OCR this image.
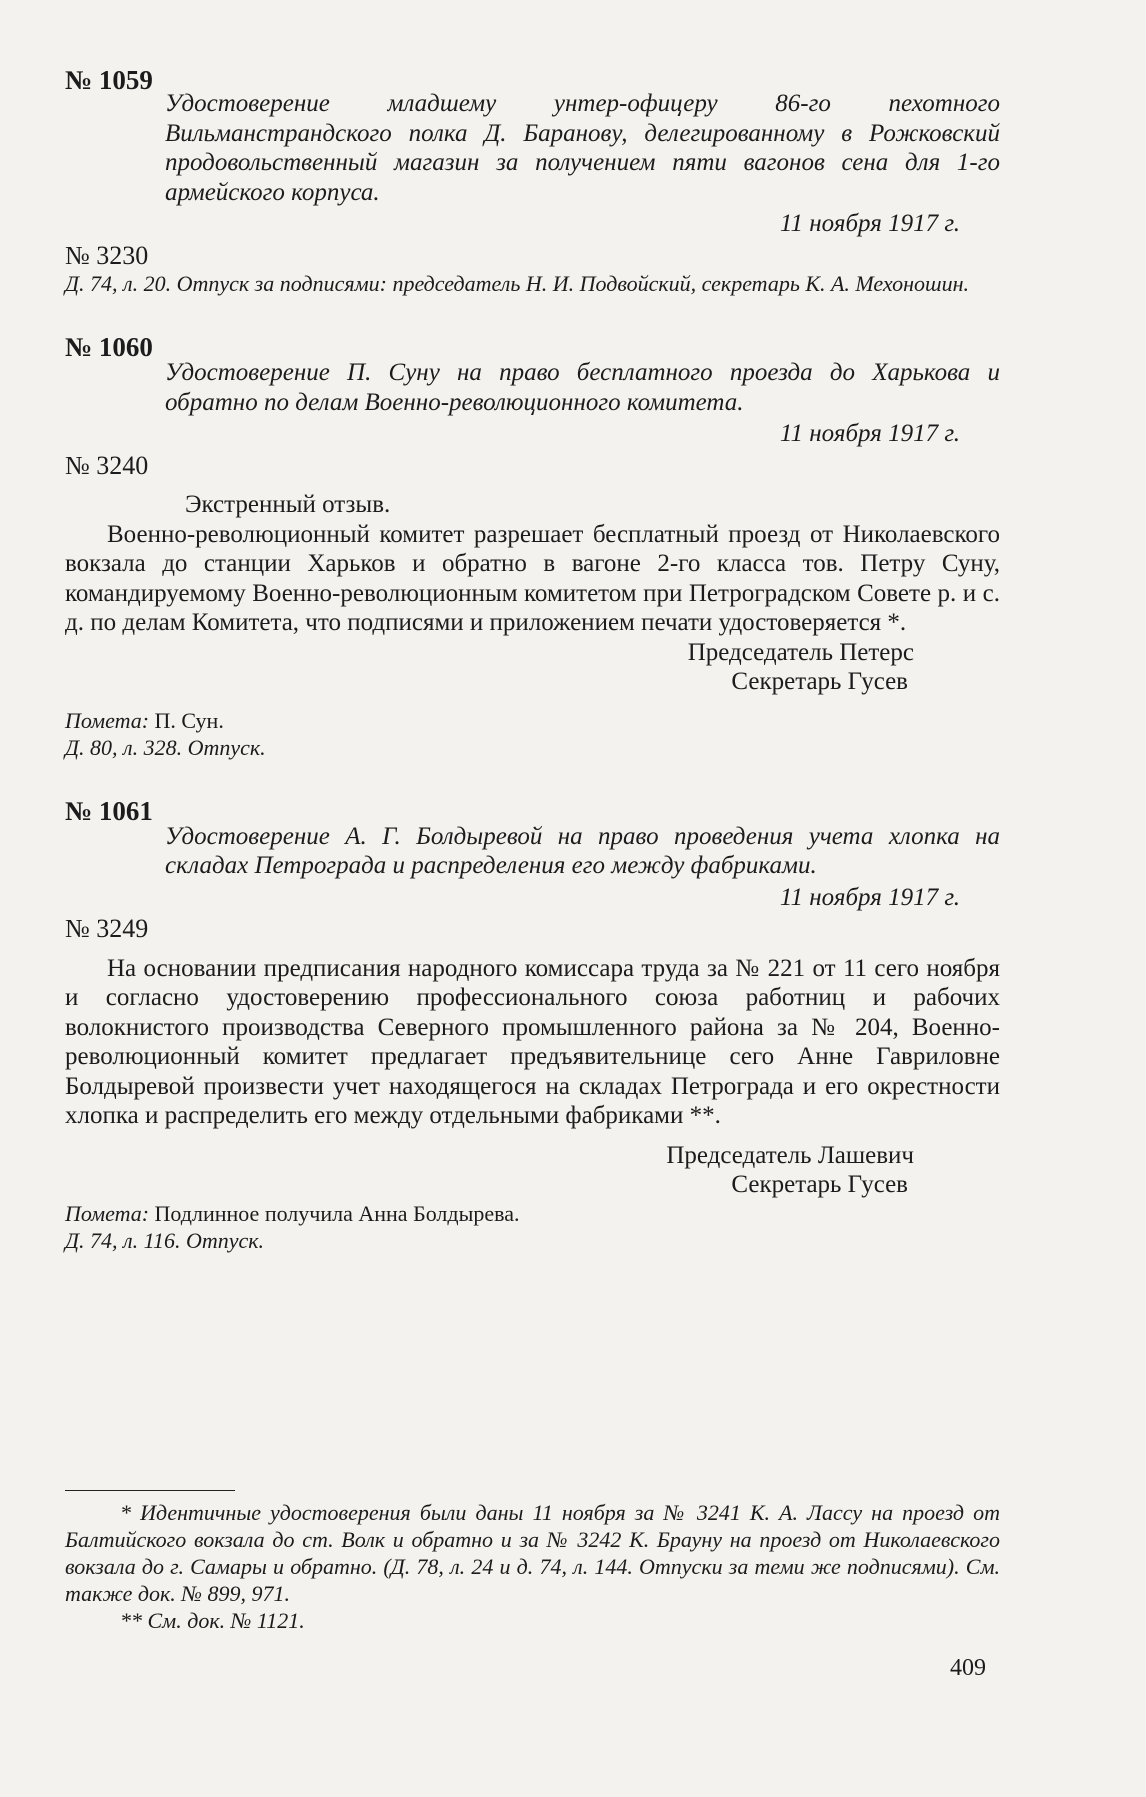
№ 1059

Удостоверение младшему унтер-офицеру 86-го пехотного Вильманстрандского полка Д. Баранову, делегированному в Рожковский продовольственный магазин за получением пяти вагонов сена для 1-го армейского корпуса.

11 ноября 1917 г.

№ 3230

Д. 74, л. 20. Отпуск за подписями: председатель Н. И. Подвойский, секретарь К. А. Мехоношин.

№ 1060

Удостоверение П. Суну на право бесплатного проезда до Харькова и обратно по делам Военно-революционного комитета.

11 ноября 1917 г.

№ 3240

Экстренный отзыв.

Военно-революционный комитет разрешает бесплатный проезд от Николаевского вокзала до станции Харьков и обратно в вагоне 2-го класса тов. Петру Суну, командируемому Военно-революционным комитетом при Петроградском Совете р. и с. д. по делам Комитета, что подписями и приложением печати удостоверяется *.

Председатель Петерс

Секретарь Гусев

Помета: П. Сун.

Д. 80, л. 328. Отпуск.

№ 1061

Удостоверение А. Г. Болдыревой на право проведения учета хлопка на складах Петрограда и распределения его между фабриками.

11 ноября 1917 г.

№ 3249

На основании предписания народного комиссара труда за № 221 от 11 сего ноября и согласно удостоверению профессионального союза работниц и рабочих волокнистого производства Северного промышленного района за № 204, Военно-революционный комитет предлагает предъявительнице сего Анне Гавриловне Болдыревой произвести учет находящегося на складах Петрограда и его окрестности хлопка и распределить его между отдельными фабриками **.

Председатель Лашевич

Секретарь Гусев

Помета: Подлинное получила Анна Болдырева.

Д. 74, л. 116. Отпуск.

* Идентичные удостоверения были даны 11 ноября за № 3241 К. А. Лассу на проезд от Балтийского вокзала до ст. Волк и обратно и за № 3242 К. Брауну на проезд от Николаевского вокзала до г. Самары и обратно. (Д. 78, л. 24 и д. 74, л. 144. Отпуски за теми же подписями). См. также док. № 899, 971.

** См. док. № 1121.

409
